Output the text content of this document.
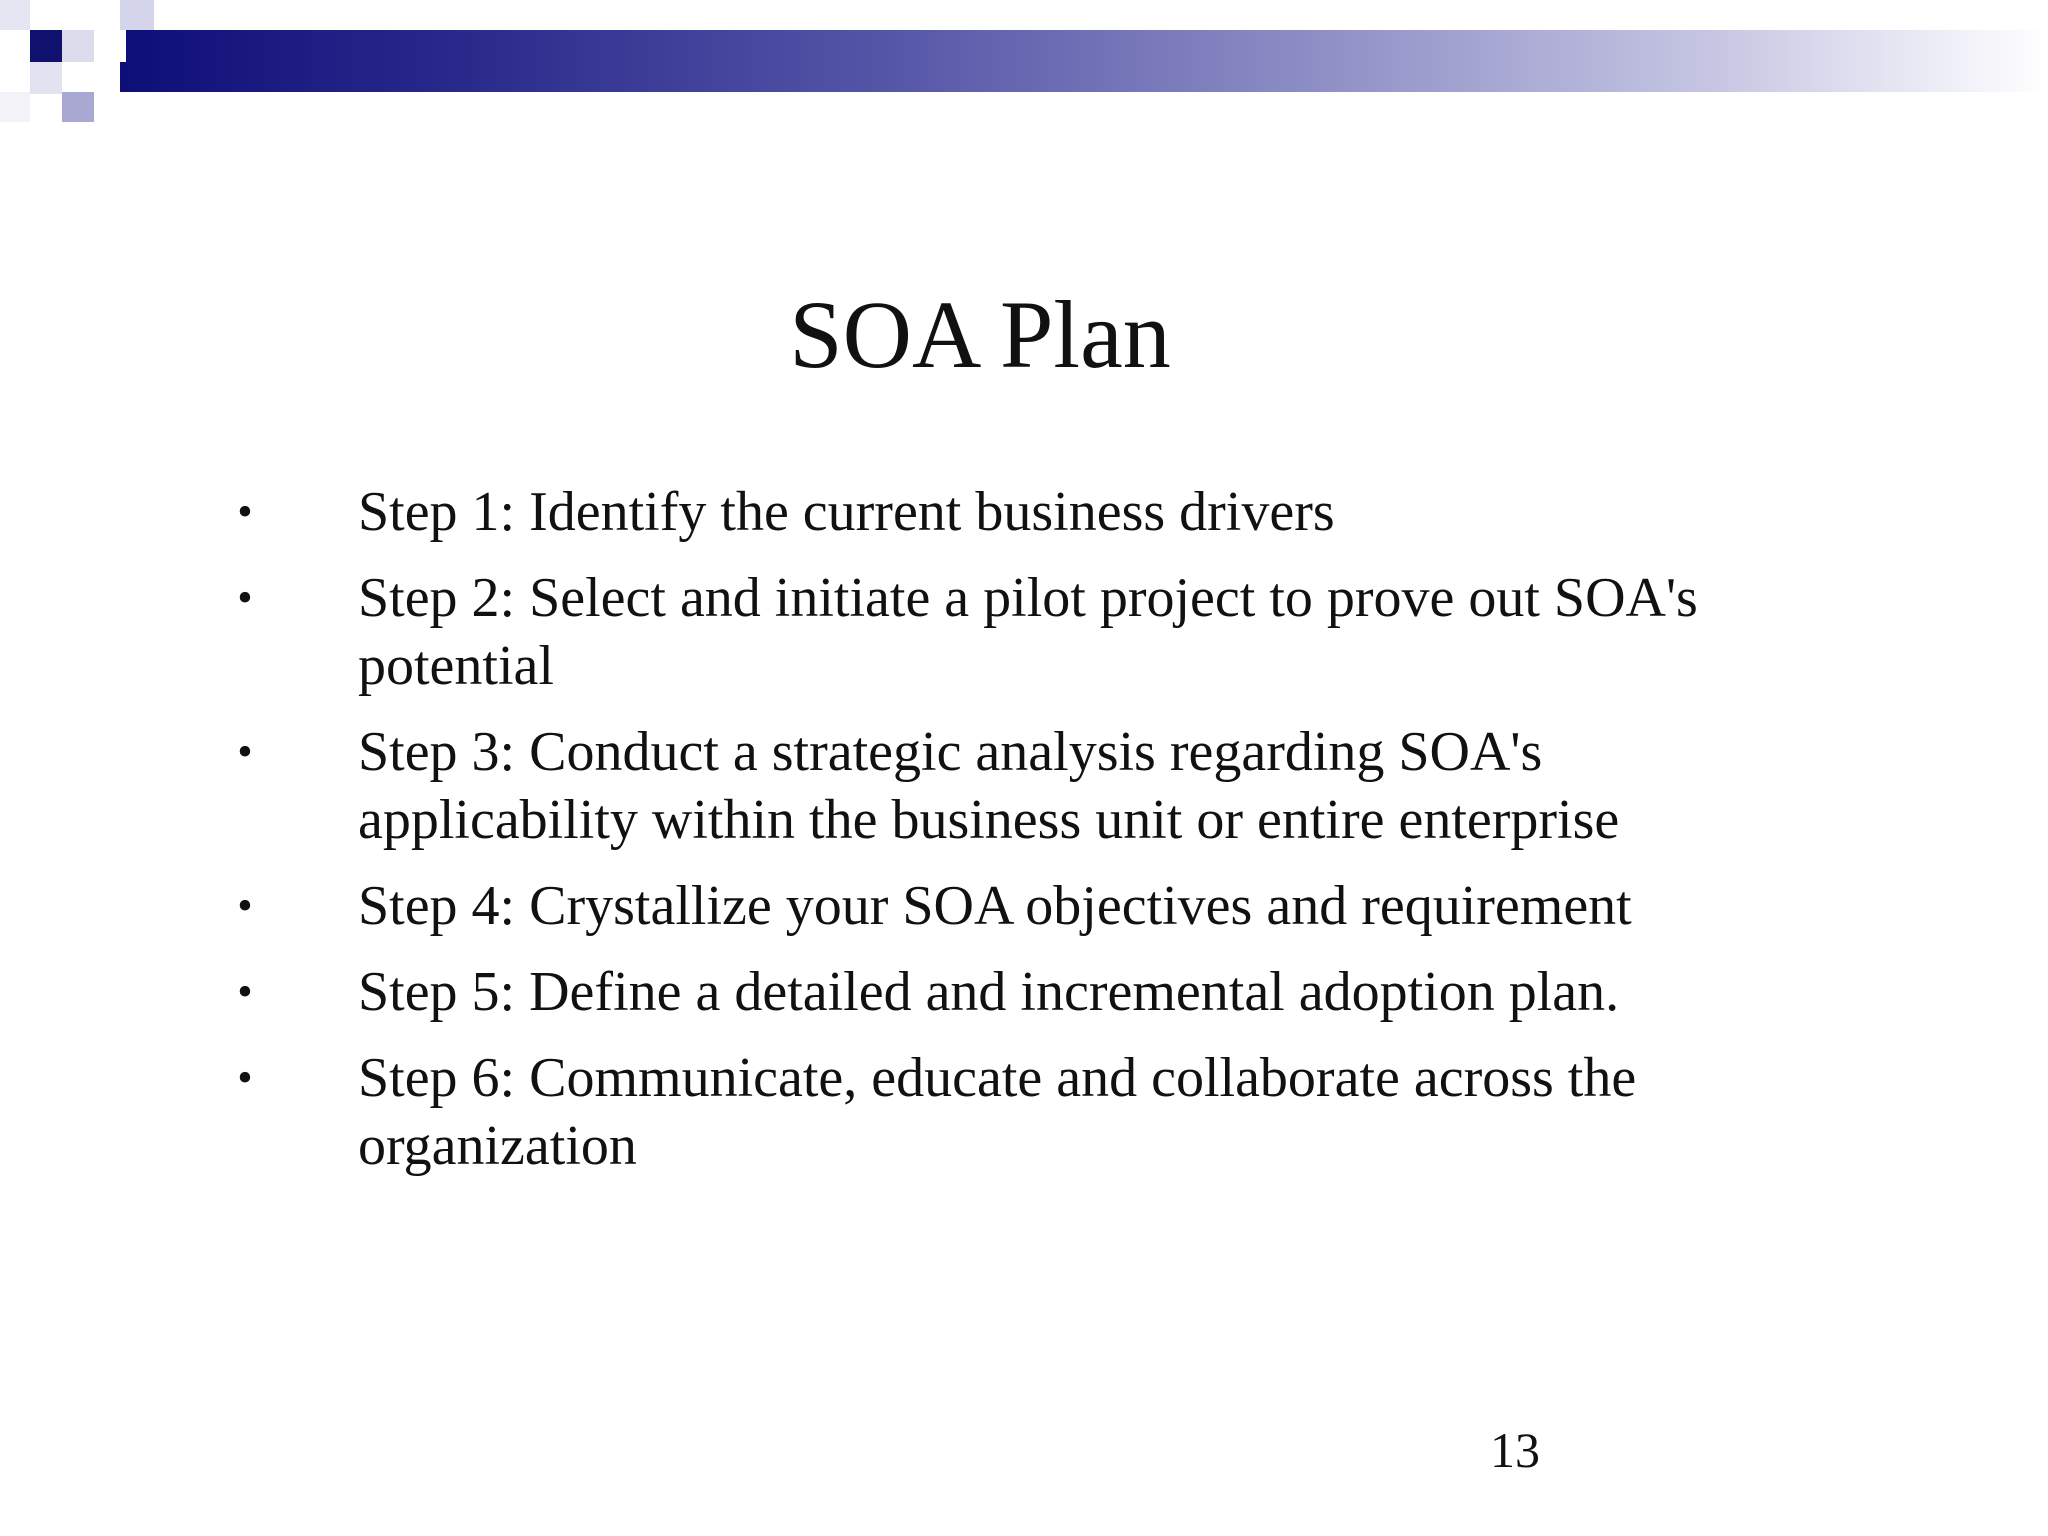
SOA Plan
• Step 1: Identify the current business drivers
• Step 2: Select and initiate a pilot project to prove out SOA's potential
• Step 3: Conduct a strategic analysis regarding SOA's applicability within the business unit or entire enterprise
• Step 4: Crystallize your SOA objectives and requirement
• Step 5: Define a detailed and incremental adoption plan.
• Step 6: Communicate, educate and collaborate across the organization
13
